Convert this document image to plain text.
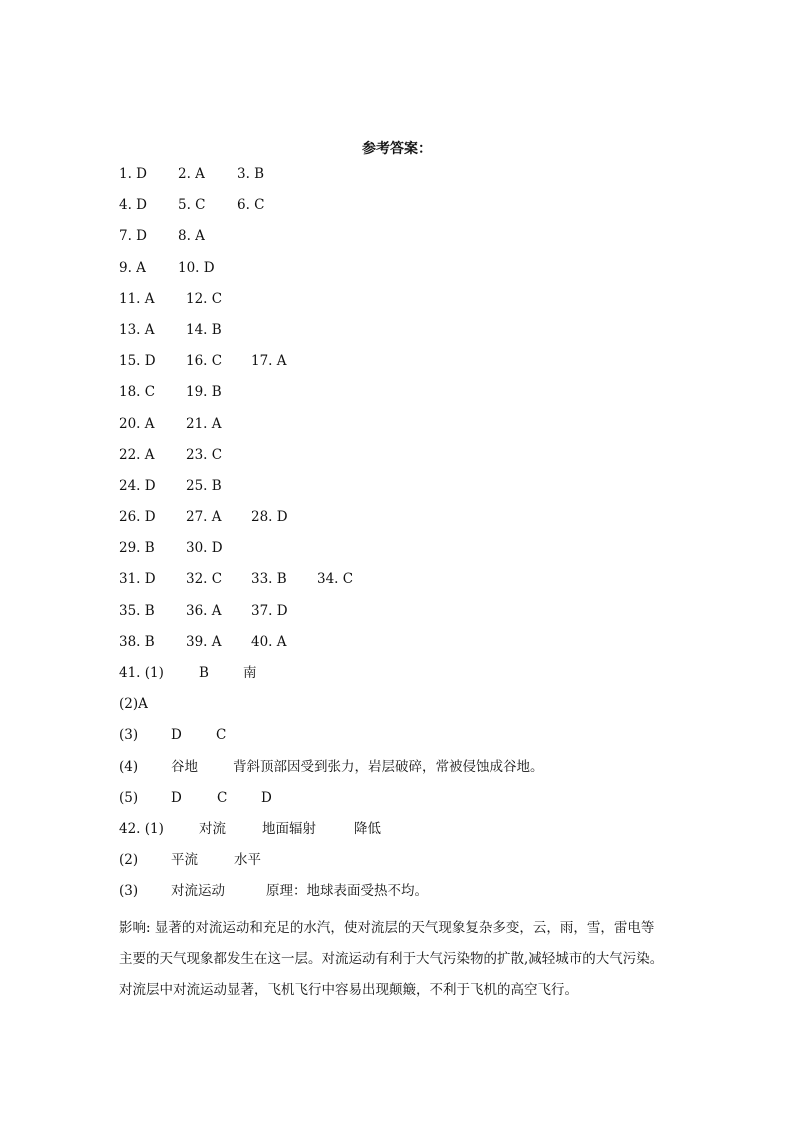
参考答案：
1. D 2. A 3. B
4. D 5. C 6. C
7. D 8. A
9. A 10. D
11. A 12. C
13. A 14. B
15. D 16. C 17. A
18. C 19. B
20. A 21. A
22. A 23. C
24. D 25. B
26. D 27. A 28. D
29. B 30. D
31. D 32. C 33. B 34. C
35. B 36. A 37. D
38. B 39. A 40. A
41. (1)	B	南
(2)A
(3) D	C
(4) 谷地	背斜顶部因受到张力，岩层破碎，常被侵蚀成谷地。
(5) D	C D
42. (1)	对流	地面辐射	降低
(2) 平流	水平
(3) 对流运动	原理：地球表面受热不均。
影响: 显著的对流运动和充足的水汽，使对流层的天气现象复杂多变，云，雨，雪，雷电等
主要的天气现象都发生在这一层。对流运动有利于大气污染物的扩散,减轻城市的大气污染。
对流层中对流运动显著，飞机飞行中容易出现颠簸，不利于飞机的高空飞行。
